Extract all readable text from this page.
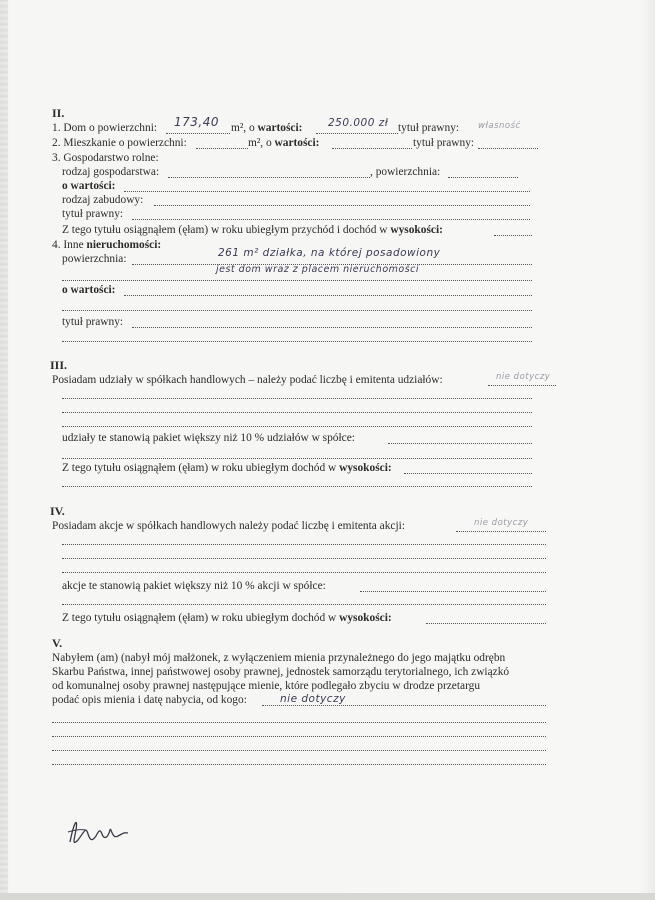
II.
1. Dom o powierzchni: 173,40 m², o wartości: 250.000 zł tytuł prawny: własność
2. Mieszkanie o powierzchni:	m², o wartości:	tytuł prawny:
3. Gospodarstwo rolne:
rodzaj gospodarstwa:	, powierzchnia:
o wartości:
rodzaj zabudowy:
tytuł prawny:
Z tego tytułu osiągnąłem (ęłam) w roku ubiegłym przychód i dochód w wysokości:
4. Inne nieruchomości:
powierzchnia:	261 m² działka, na której posadowiony
jest dom wraz z placem nieruchomości
o wartości:
tytuł prawny:
III.
Posiadam udziały w spółkach handlowych – należy podać liczbę i emitenta udziałów:	nie dotyczy
udziały te stanowią pakiet większy niż 10 % udziałów w spółce:
Z tego tytułu osiągnąłem (ęłam) w roku ubiegłym dochód w wysokości:
IV.
Posiadam akcje w spółkach handlowych należy podać liczbę i emitenta akcji:	nie dotyczy
akcje te stanowią pakiet większy niż 10 % akcji w spółce:
Z tego tytułu osiągnąłem (ęłam) w roku ubiegłym dochód w wysokości:
V.
Nabyłem (am) (nabył mój małżonek, z wyłączeniem mienia przynależnego do jego majątku odrębn
Skarbu Państwa, innej państwowej osoby prawnej, jednostek samorządu terytorialnego, ich związkó
od komunalnej osoby prawnej następujące mienie, które podlegało zbyciu w drodze przetargu
podać opis mienia i datę nabycia, od kogo:	nie dotyczy
